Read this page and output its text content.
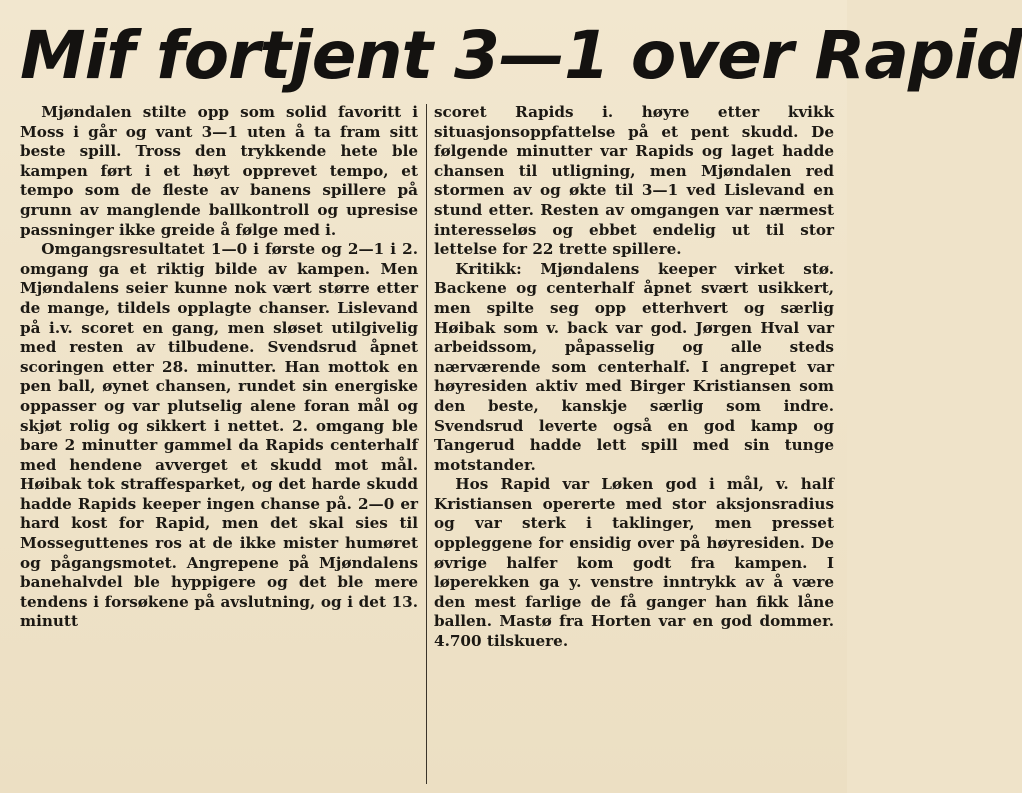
Mif fortjent 3—1 over Rapid

Mjøndalen stilte opp som solid favoritt i Moss i går og vant 3—1 uten å ta fram sitt beste spill. Tross den trykkende hete ble kampen ført i et høyt opprevet tempo, et tempo som de fleste av banens spillere på grunn av manglende ballkontroll og upresise passninger ikke greide å følge med i.

Omgangsresultatet 1—0 i første og 2—1 i 2. omgang ga et riktig bilde av kampen. Men Mjøndalens seier kunne nok vært større etter de mange, tildels opplagte chanser. Lislevand på i.v. scoret en gang, men sløset utilgivelig med resten av tilbudene. Svendsrud åpnet scoringen etter 28. minutter. Han mottok en pen ball, øynet chansen, rundet sin energiske oppasser og var plutselig alene foran mål og skjøt rolig og sikkert i nettet. 2. omgang ble bare 2 minutter gammel da Rapids centerhalf med hendene avverget et skudd mot mål. Høibak tok straffesparket, og det harde skudd hadde Rapids keeper ingen chanse på. 2—0 er hard kost for Rapid, men det skal sies til Mosseguttenes ros at de ikke mister humøret og pågangsmotet. Angrepene på Mjøndalens banehalvdel ble hyppigere og det ble mere tendens i forsøkene på avslutning, og i det 13. minutt

scoret Rapids i. høyre etter kvikk situasjonsoppfattelse på et pent skudd. De følgende minutter var Rapids og laget hadde chansen til utligning, men Mjøndalen red stormen av og økte til 3—1 ved Lislevand en stund etter. Resten av omgangen var nærmest interesseløs og ebbet endelig ut til stor lettelse for 22 trette spillere.

Kritikk: Mjøndalens keeper virket stø. Backene og centerhalf åpnet svært usikkert, men spilte seg opp etterhvert og særlig Høibak som v. back var god. Jørgen Hval var arbeidssom, påpasselig og alle steds nærværende som centerhalf. I angrepet var høyresiden aktiv med Birger Kristiansen som den beste, kanskje særlig som indre. Svendsrud leverte også en god kamp og Tangerud hadde lett spill med sin tunge motstander.

Hos Rapid var Løken god i mål, v. half Kristiansen opererte med stor aksjonsradius og var sterk i taklinger, men presset oppleggene for ensidig over på høyresiden. De øvrige halfer kom godt fra kampen. I løperekken ga y. venstre inntrykk av å være den mest farlige de få ganger han fikk låne ballen. Mastø fra Horten var en god dommer. 4.700 tilskuere.
